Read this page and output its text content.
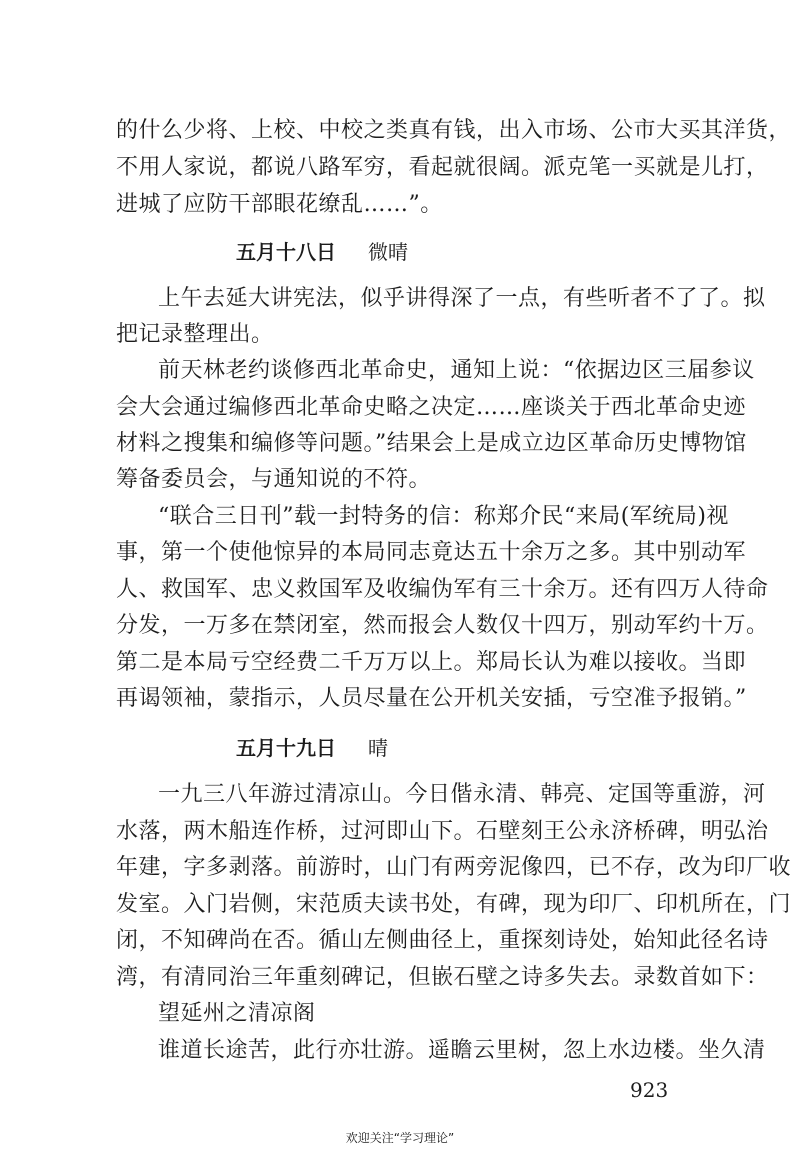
的什么少将、上校、中校之类真有钱，出入市场、公市大买其洋货，
不用人家说，都说八路军穷，看起就很阔。派克笔一买就是儿打，
进城了应防干部眼花缭乱……”。
五月十八日 微晴
上午去延大讲宪法，似乎讲得深了一点，有些听者不了了。拟
把记录整理出。
前天林老约谈修西北革命史，通知上说：“依据边区三届参议
会大会通过编修西北革命史略之决定……座谈关于西北革命史迹
材料之搜集和编修等问题。”结果会上是成立边区革命历史博物馆
筹备委员会，与通知说的不符。
“联合三日刊”载一封特务的信：称郑介民“来局(军统局)视
事，第一个使他惊异的本局同志竟达五十余万之多。其中别动军
人、救国军、忠义救国军及收编伪军有三十余万。还有四万人待命
分发，一万多在禁闭室，然而报会人数仅十四万，别动军约十万。
第二是本局亏空经费二千万万以上。郑局长认为难以接收。当即
再谒领袖，蒙指示，人员尽量在公开机关安插，亏空准予报销。”
五月十九日 晴
一九三八年游过清凉山。今日偕永清、韩亮、定国等重游，河
水落，两木船连作桥，过河即山下。石壁刻王公永济桥碑，明弘治
年建，字多剥落。前游时，山门有两旁泥像四，已不存，改为印厂收
发室。入门岩侧，宋范质夫读书处，有碑，现为印厂、印机所在，门
闭，不知碑尚在否。循山左侧曲径上，重探刻诗处，始知此径名诗
湾，有清同治三年重刻碑记，但嵌石壁之诗多失去。录数首如下：
望延州之清凉阁
谁道长途苦，此行亦壮游。遥瞻云里树，忽上水边楼。坐久清
923
欢迎关注“学习理论”
